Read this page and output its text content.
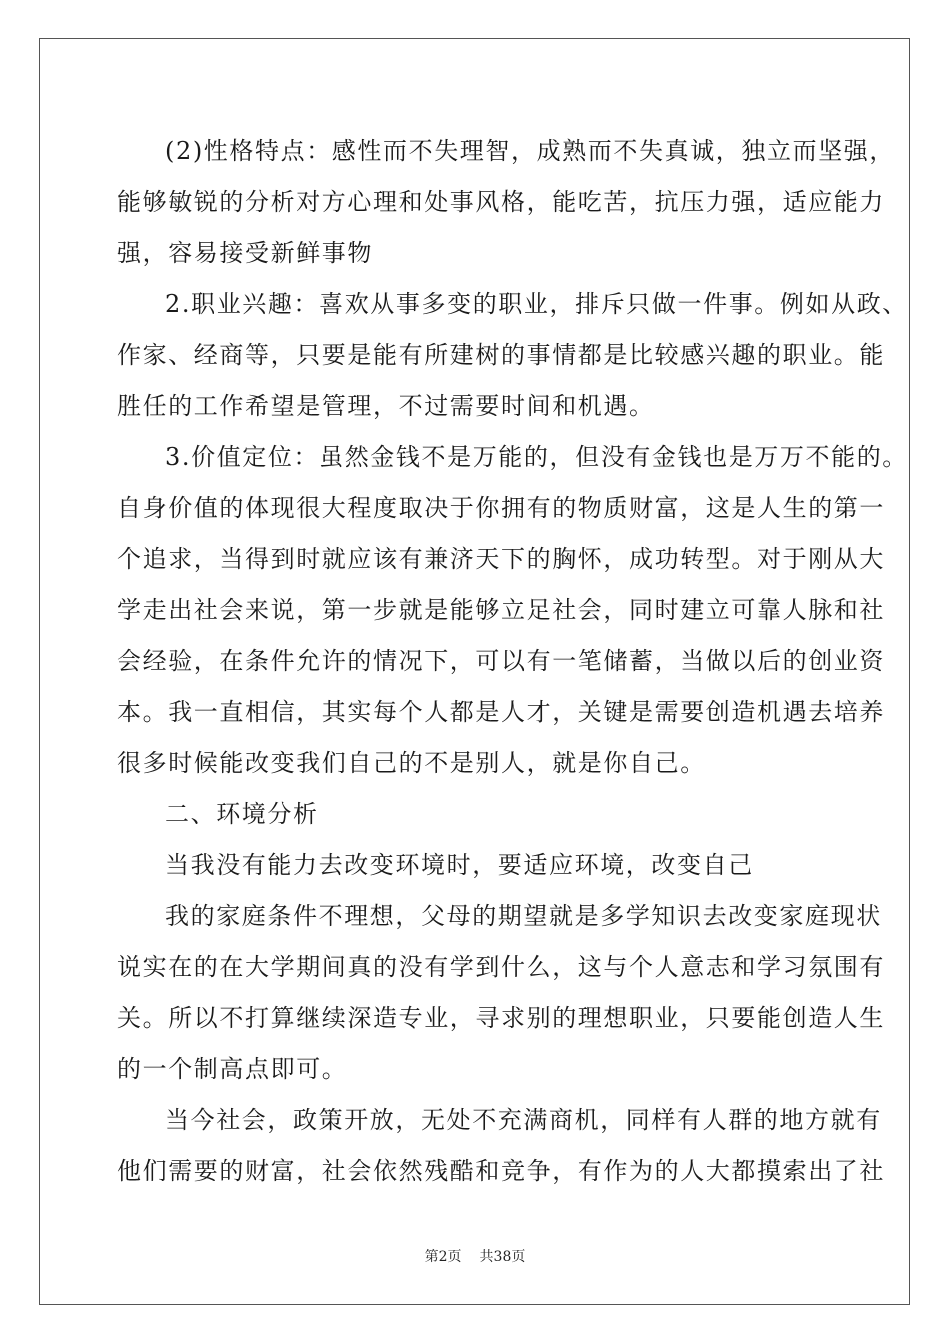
(2)性格特点：感性而不失理智，成熟而不失真诚，独立而坚强，
能够敏锐的分析对方心理和处事风格，能吃苦，抗压力强，适应能力
强，容易接受新鲜事物
2.职业兴趣：喜欢从事多变的职业，排斥只做一件事。例如从政、
作家、经商等，只要是能有所建树的事情都是比较感兴趣的职业。能
胜任的工作希望是管理，不过需要时间和机遇。
3.价值定位：虽然金钱不是万能的，但没有金钱也是万万不能的。
自身价值的体现很大程度取决于你拥有的物质财富，这是人生的第一
个追求，当得到时就应该有兼济天下的胸怀，成功转型。对于刚从大
学走出社会来说，第一步就是能够立足社会，同时建立可靠人脉和社
会经验，在条件允许的情况下，可以有一笔储蓄，当做以后的创业资
本。我一直相信，其实每个人都是人才，关键是需要创造机遇去培养
很多时候能改变我们自己的不是别人，就是你自己。
二、环境分析
当我没有能力去改变环境时，要适应环境，改变自己
我的家庭条件不理想，父母的期望就是多学知识去改变家庭现状
说实在的在大学期间真的没有学到什么，这与个人意志和学习氛围有
关。所以不打算继续深造专业，寻求别的理想职业，只要能创造人生
的一个制高点即可。
当今社会，政策开放，无处不充满商机，同样有人群的地方就有
他们需要的财富，社会依然残酷和竞争，有作为的人大都摸索出了社
第2页 共38页
